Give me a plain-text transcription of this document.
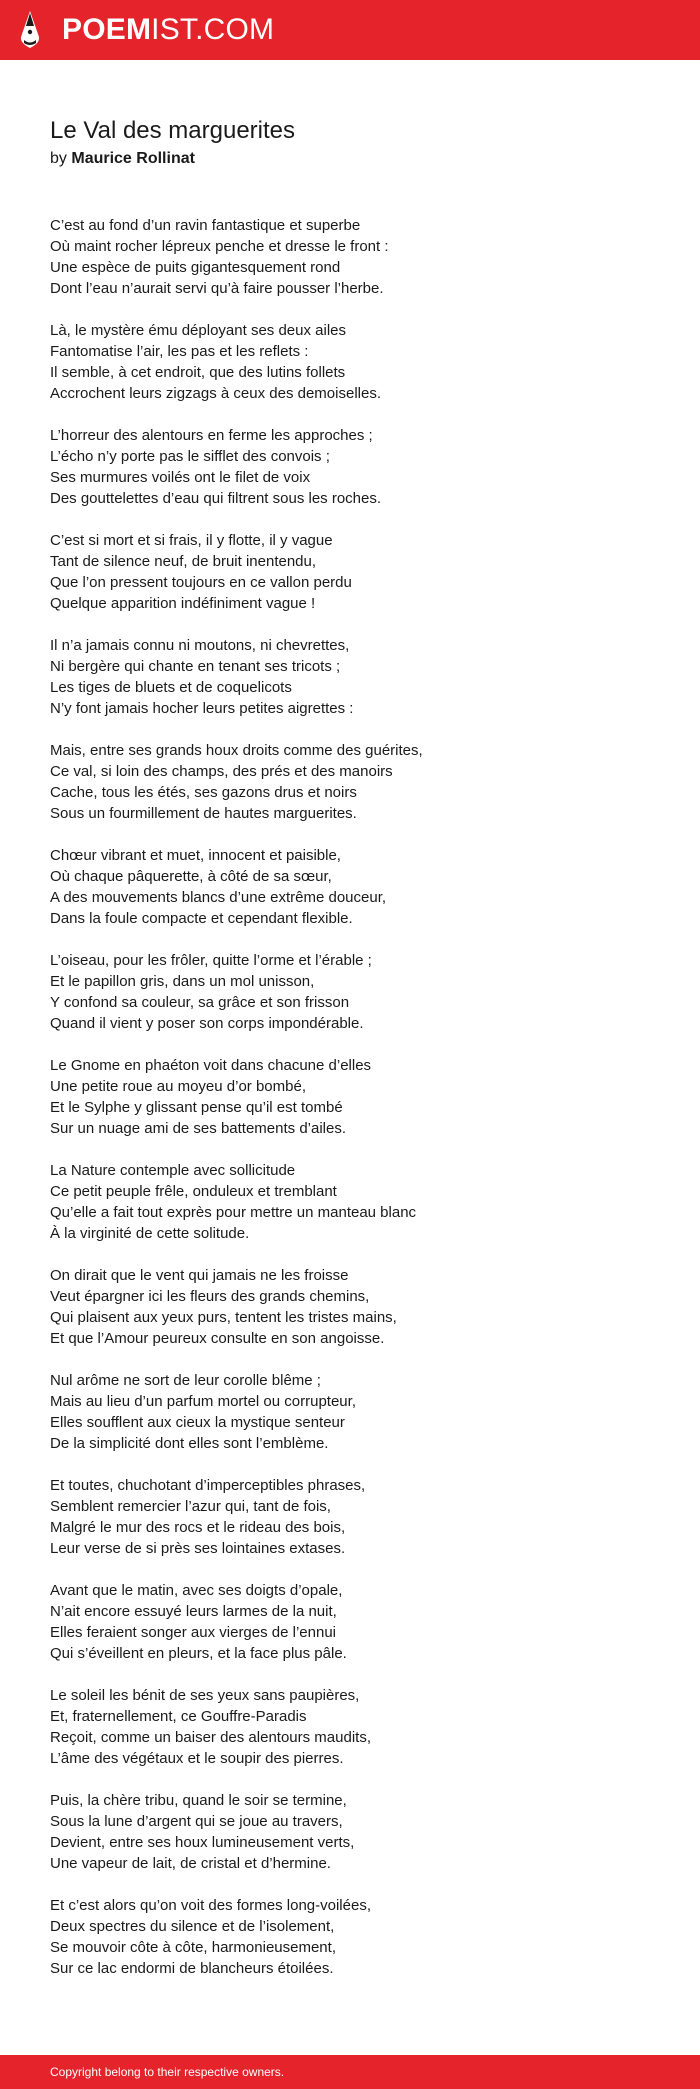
POEMIST.COM
Le Val des marguerites
by Maurice Rollinat
C’est au fond d’un ravin fantastique et superbe
Où maint rocher lépreux penche et dresse le front :
Une espèce de puits gigantesquement rond
Dont l’eau n’aurait servi qu’à faire pousser l’herbe.
Là, le mystère ému déployant ses deux ailes
Fantomatise l’air, les pas et les reflets :
Il semble, à cet endroit, que des lutins follets
Accrochent leurs zigzags à ceux des demoiselles.
L’horreur des alentours en ferme les approches ;
L’écho n’y porte pas le sifflet des convois ;
Ses murmures voilés ont le filet de voix
Des gouttelettes d’eau qui filtrent sous les roches.
C’est si mort et si frais, il y flotte, il y vague
Tant de silence neuf, de bruit inentendu,
Que l’on pressent toujours en ce vallon perdu
Quelque apparition indéfiniment vague !
Il n’a jamais connu ni moutons, ni chevrettes,
Ni bergère qui chante en tenant ses tricots ;
Les tiges de bluets et de coquelicots
N’y font jamais hocher leurs petites aigrettes :
Mais, entre ses grands houx droits comme des guérites,
Ce val, si loin des champs, des prés et des manoirs
Cache, tous les étés, ses gazons drus et noirs
Sous un fourmillement de hautes marguerites.
Chœur vibrant et muet, innocent et paisible,
Où chaque pâquerette, à côté de sa sœur,
A des mouvements blancs d’une extrême douceur,
Dans la foule compacte et cependant flexible.
L’oiseau, pour les frôler, quitte l’orme et l’érable ;
Et le papillon gris, dans un mol unisson,
Y confond sa couleur, sa grâce et son frisson
Quand il vient y poser son corps impondérable.
Le Gnome en phaéton voit dans chacune d’elles
Une petite roue au moyeu d’or bombé,
Et le Sylphe y glissant pense qu’il est tombé
Sur un nuage ami de ses battements d’ailes.
La Nature contemple avec sollicitude
Ce petit peuple frêle, onduleux et tremblant
Qu’elle a fait tout exprès pour mettre un manteau blanc
À la virginité de cette solitude.
On dirait que le vent qui jamais ne les froisse
Veut épargner ici les fleurs des grands chemins,
Qui plaisent aux yeux purs, tentent les tristes mains,
Et que l’Amour peureux consulte en son angoisse.
Nul arôme ne sort de leur corolle blême ;
Mais au lieu d’un parfum mortel ou corrupteur,
Elles soufflent aux cieux la mystique senteur
De la simplicité dont elles sont l’emblème.
Et toutes, chuchotant d’imperceptibles phrases,
Semblent remercier l’azur qui, tant de fois,
Malgré le mur des rocs et le rideau des bois,
Leur verse de si près ses lointaines extases.
Avant que le matin, avec ses doigts d’opale,
N’ait encore essuyé leurs larmes de la nuit,
Elles feraient songer aux vierges de l’ennui
Qui s’éveillent en pleurs, et la face plus pâle.
Le soleil les bénit de ses yeux sans paupières,
Et, fraternellement, ce Gouffre-Paradis
Reçoit, comme un baiser des alentours maudits,
L’âme des végétaux et le soupir des pierres.
Puis, la chère tribu, quand le soir se termine,
Sous la lune d’argent qui se joue au travers,
Devient, entre ses houx lumineusement verts,
Une vapeur de lait, de cristal et d’hermine.
Et c’est alors qu’on voit des formes long-voilées,
Deux spectres du silence et de l’isolement,
Se mouvoir côte à côte, harmonieusement,
Sur ce lac endormi de blancheurs étoilées.
Copyright belong to their respective owners.
